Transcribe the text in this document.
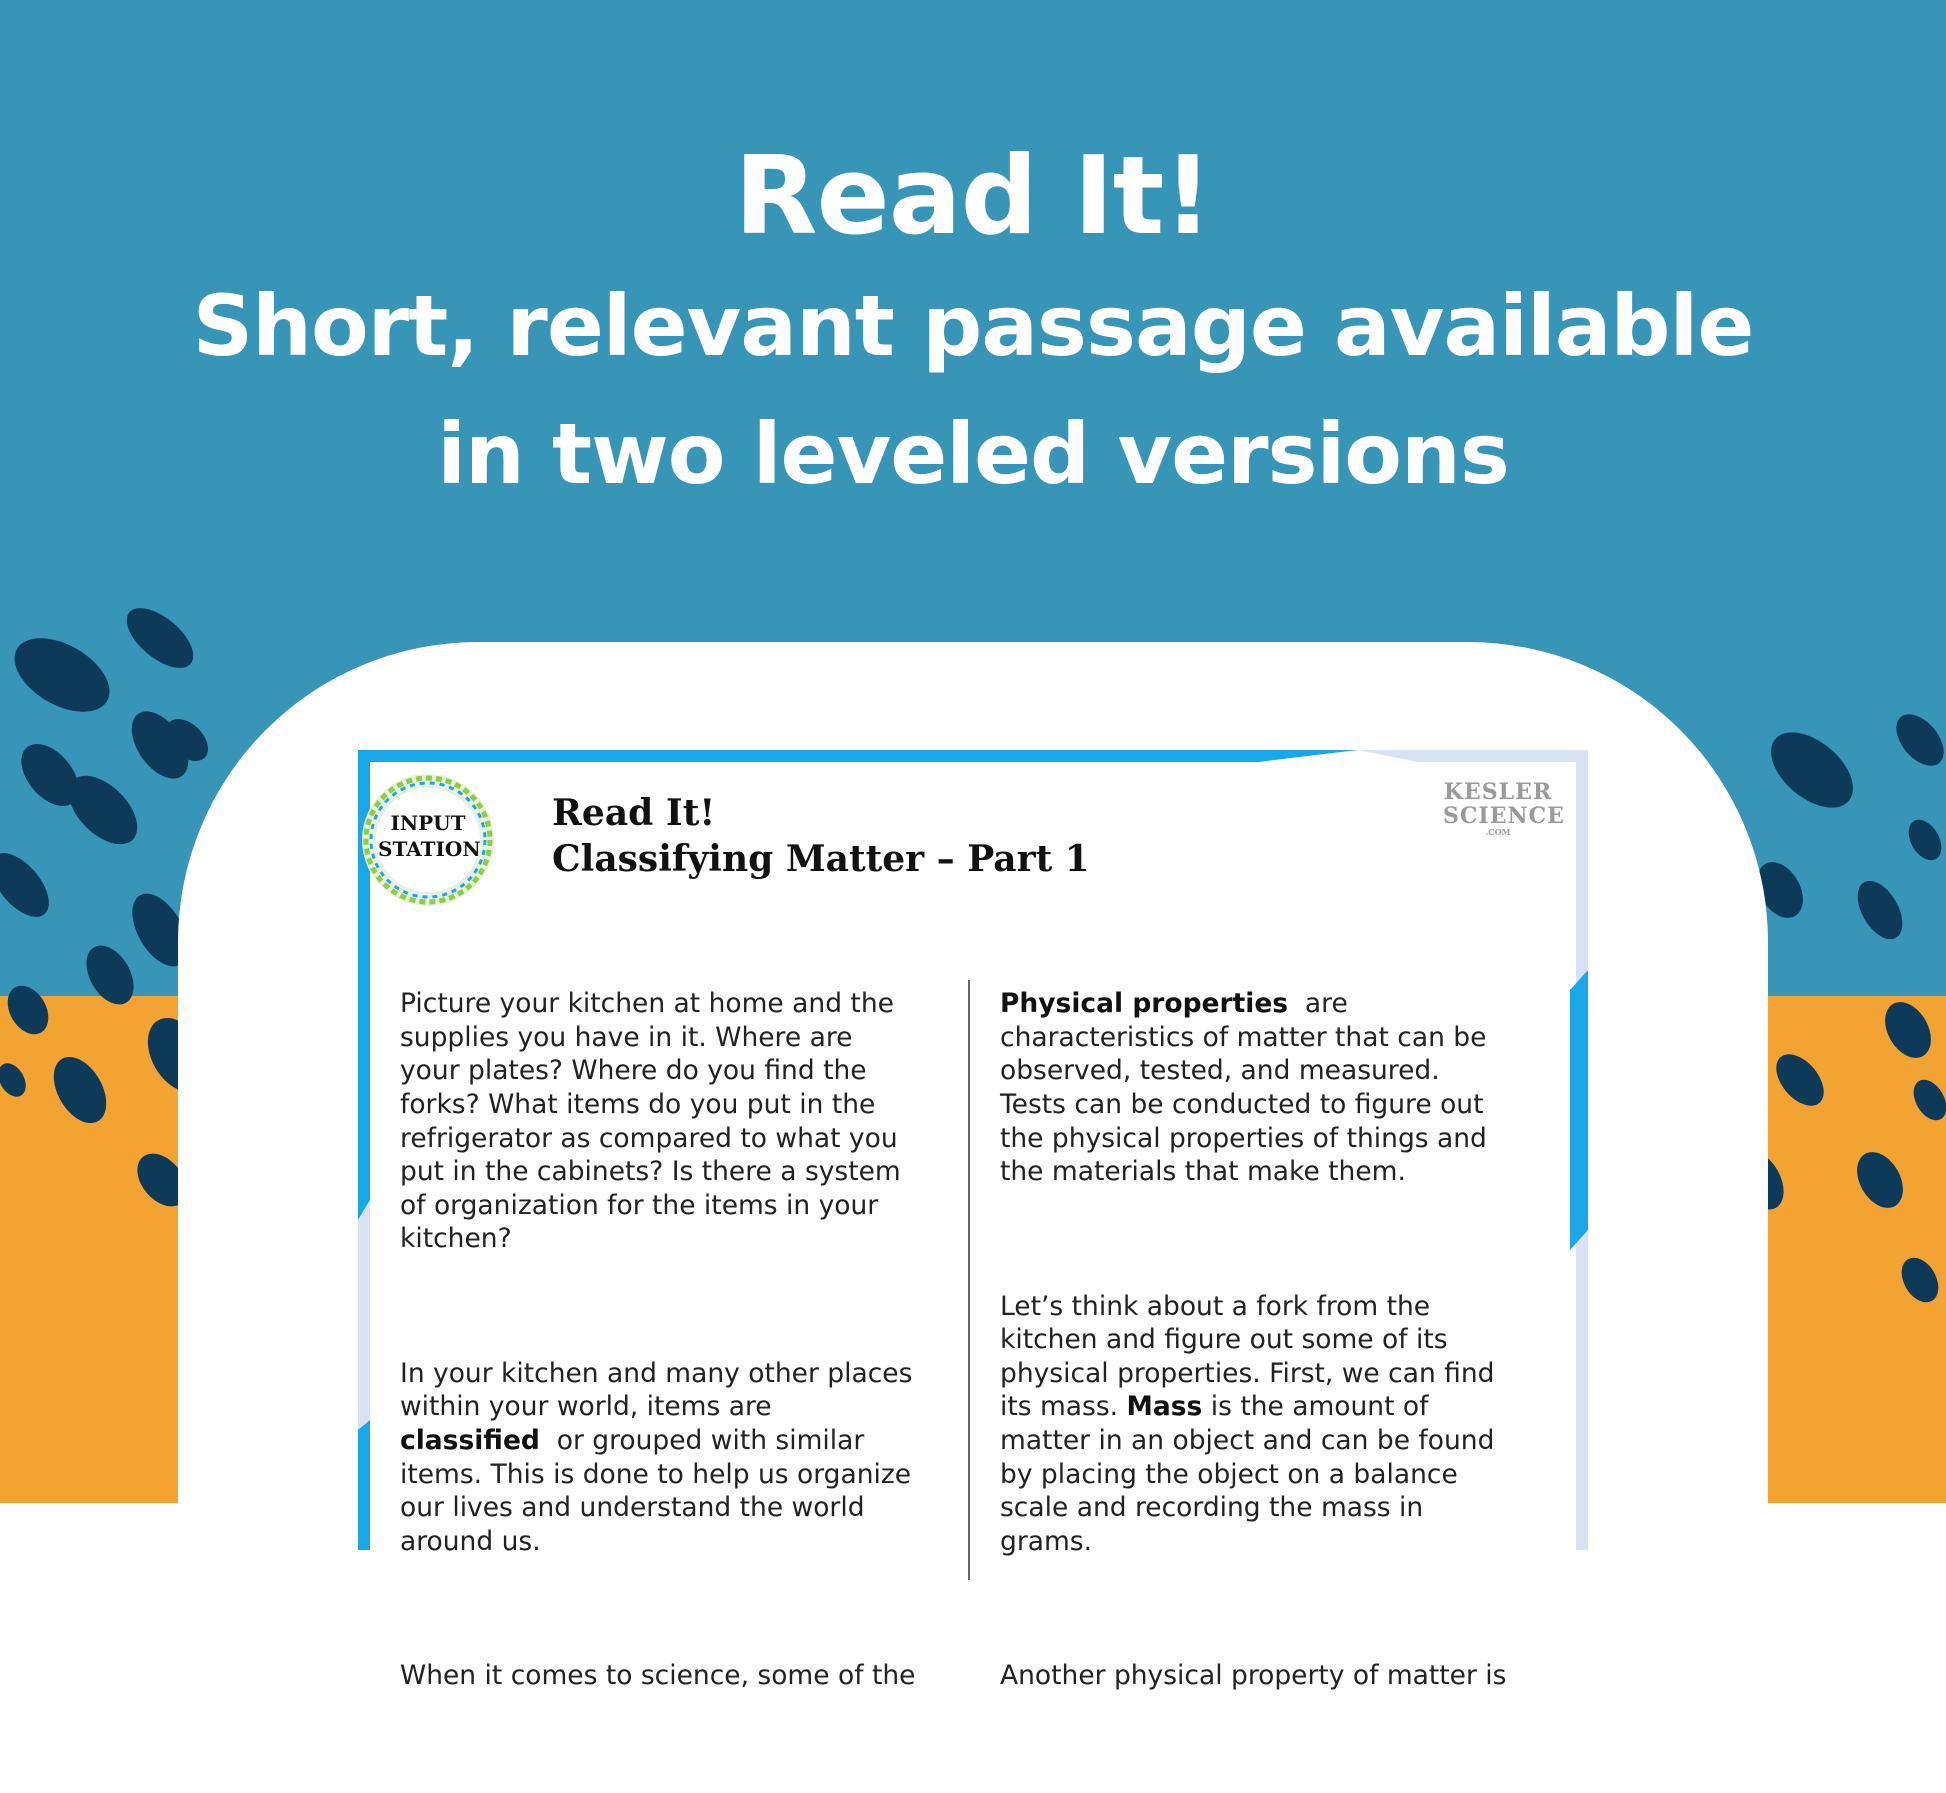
Read It!
Short, relevant passage available
in two leveled versions
INPUT
STATION
Read It!
Classifying Matter – Part 1
KESLER
SCIENCE
.COM

Picture your kitchen at home and the
supplies you have in it. Where are
your plates? Where do you find the
forks? What items do you put in the
refrigerator as compared to what you
put in the cabinets? Is there a system
of organization for the items in your
kitchen?

In your kitchen and many other places
within your world, items are
classified  or grouped with similar
items. This is done to help us organize
our lives and understand the world
around us.

When it comes to science, some of the

Physical properties  are
characteristics of matter that can be
observed, tested, and measured.
Tests can be conducted to figure out
the physical properties of things and
the materials that make them.

Let’s think about a fork from the
kitchen and figure out some of its
physical properties. First, we can find
its mass. Mass is the amount of
matter in an object and can be found
by placing the object on a balance
scale and recording the mass in
grams.

Another physical property of matter is
